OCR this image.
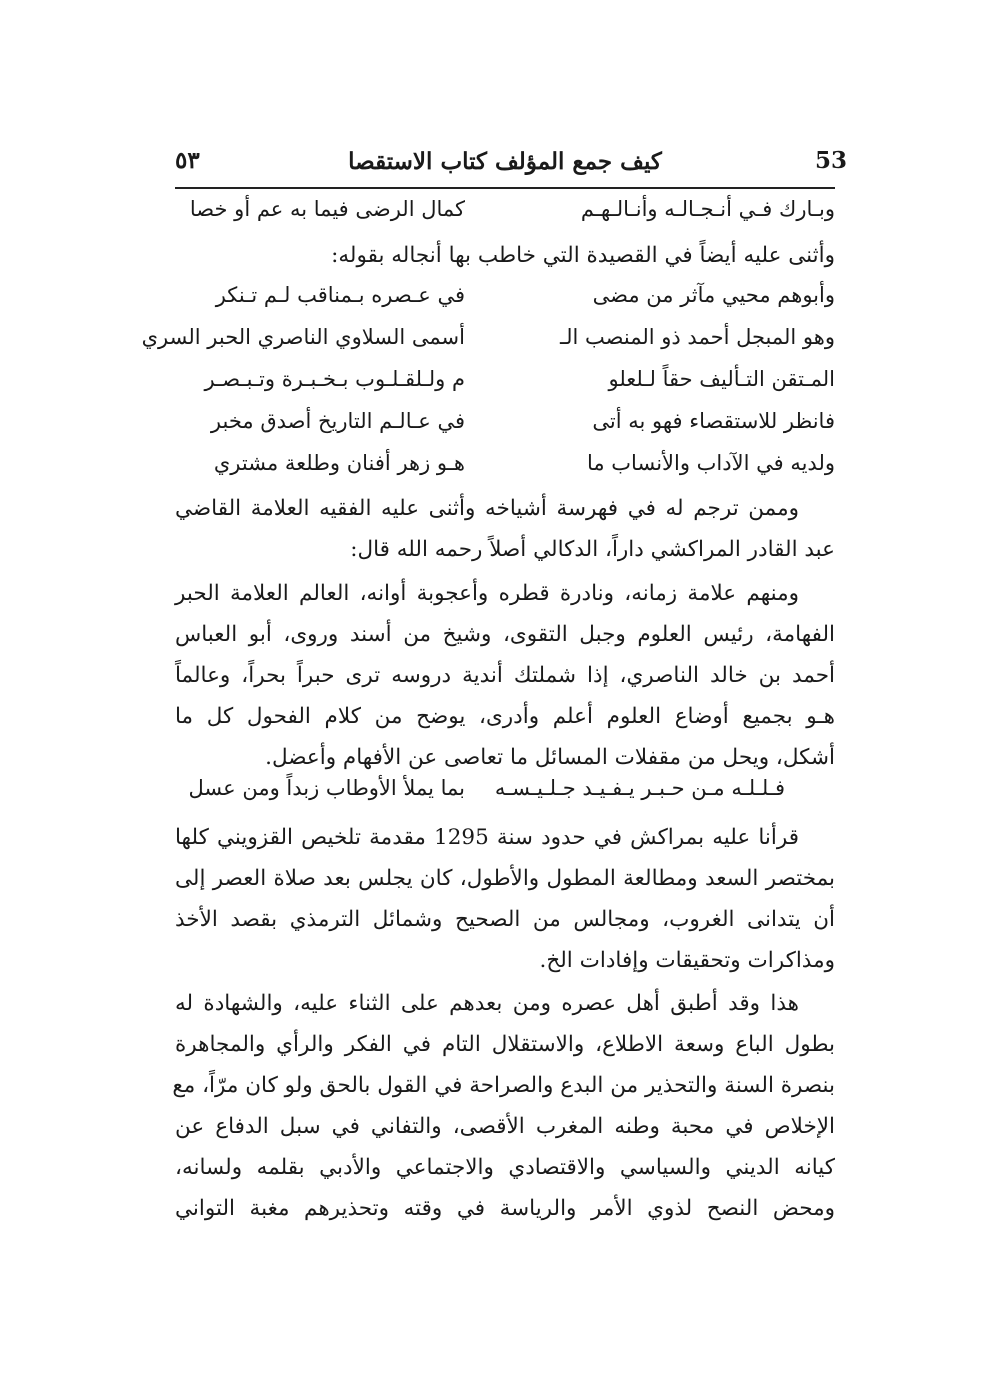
53
كيف جمع المؤلف كتاب الاستقصا
٥٣
وبـارك فـي أنـجـالـه وأنـالـهـم
كمال الرضى فيما به عم أو خصا
وأثنى عليه أيضاً في القصيدة التي خاطب بها أنجاله بقوله:
وأبوهم محيي مآثر من مضى
في عـصره بـمناقب لـم تـنكر
وهو المبجل أحمد ذو المنصب الـ
أسمى السلاوي الناصري الحبر السري
المـتقن التـأليف حقاً لـلعلو
م ولـلقـلـوب بـخـبـرة وتـبـصـر
فانظر للاستقصاء فهو به أتى
في عـالـم التاريخ أصدق مخبر
ولديه في الآداب والأنساب ما
هـو زهر أفنان وطلعة مشتري
وممن ترجم له في فهرسة أشياخه وأثنى عليه الفقيه العلامة القاضي
عبد القادر المراكشي داراً، الدكالي أصلاً رحمه الله قال:
ومنهم علامة زمانه، ونادرة قطره وأعجوبة أوانه، العالم العلامة الحبر
الفهامة، رئيس العلوم وجبل التقوى، وشيخ من أسند وروى، أبو العباس
أحمد بن خالد الناصري، إذا شملتك أندية دروسه ترى حبراً بحراً، وعالماً
هـو بجميع أوضاع العلوم أعلم وأدرى، يوضح من كلام الفحول كل ما
أشكل، ويحل من مقفلات المسائل ما تعاصى عن الأفهام وأعضل.
فـلـلـه مـن حـبـر يـفـيـد جـلـيـسـه
بما يملأ الأوطاب زبداً ومن عسل
قرأنا عليه بمراكش في حدود سنة 1295 مقدمة تلخيص القزويني كلها
بمختصر السعد ومطالعة المطول والأطول، كان يجلس بعد صلاة العصر إلى
أن يتدانى الغروب، ومجالس من الصحيح وشمائل الترمذي بقصد الأخذ
ومذاكرات وتحقيقات وإفادات الخ.
هذا وقد أطبق أهل عصره ومن بعدهم على الثناء عليه، والشهادة له
بطول الباع وسعة الاطلاع، والاستقلال التام في الفكر والرأي والمجاهرة
بنصرة السنة والتحذير من البدع والصراحة في القول بالحق ولو كان مرّاً، مع
الإخلاص في محبة وطنه المغرب الأقصى، والتفاني في سبل الدفاع عن
كيانه الديني والسياسي والاقتصادي والاجتماعي والأدبي بقلمه ولسانه،
ومحض النصح لذوي الأمر والرياسة في وقته وتحذيرهم مغبة التواني
